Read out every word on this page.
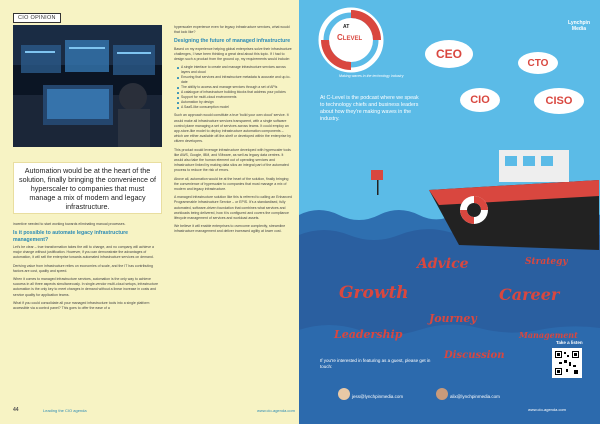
CIO OPINION
Automation would be at the heart of the solution, finally bringing the convenience of hyperscaler to companies that must manage a mix of modern and legacy infrastructure.
incentive needed to start working towards eliminating manual processes.
Is it possible to automate legacy infrastructure management?
Let's be clear – true transformation takes the will to change, and no company will achieve a major change without justification. However, if you can demonstrate the advantages of automation, it will sell the enterprise towards automated infrastructure services on demand.
Deriving value from infrastructure relies on economies of scale, and the IT has contributing factors are cost, quality and speed.
When it comes to managed infrastructure services, automation is the only way to achieve success in all three aspects simultaneously. In single-vendor multi-cloud setups, infrastructure automation is the only key to meet changes in demand without a linear increase in costs and service quality for application teams.
What if you could consolidate all your managed infrastructure tools into a single platform accessible via a control panel? This goes to offer the ease of a
hyperscaler experience even for legacy infrastructure services, what would that look like?
Designing the future of managed infrastructure
Based on my experience helping global enterprises solve their infrastructure challenges, I have been thinking a great deal about this topic. If I had to design such a product from the ground up, my requirements would include:
A single interface to create and manage infrastructure services across layers and cloud
Ensuring that services and infrastructure metadata is accurate and up-to-date
The ability to access and manage services through a set of APIs
A catalogue of infrastructure building blocks that address your policies
Support for multi-cloud environments
Automation by design
A SaaS-like consumption model
Such an approach would constitute a true 'build your own cloud' service. It would make all infrastructure services transparent, with a single software control plane managing a set of services across teams. It could employ an app-store-like model to deploy infrastructure automation components – which are either available off-the-shelf or developed within the enterprise by citizen developers.
This product would leverage infrastructure developed with hyperscaler tools like AWS, Google, IBM, and VMware, as well as legacy data centres. It would also take the human element out of operating services and infrastructure linked by making data silos an integral part of the automated process to reduce the risk of errors.
Above all, automation would be at the heart of the solution, finally bringing the convenience of hyperscaler to companies that must manage a mix of modern and legacy infrastructure.
A managed infrastructure solution like this is referred to calling an Enhanced Programmable Infrastructure Service – or EPIS. It's a standardised, fully automated, software-driven foundation that combines what services and workloads being delivered, how it is configured and covers the compliance lifecycle management of services and workload assets.
We believe it will enable enterprises to overcome complexity, streamline infrastructure management and deliver increased agility at lower cost.
44	Leading the CIO agenda	www.cio-agenda.com
Advice	Strategy
Growth	Career
Journey
Leadership	Management
Discussion
CLEVEL
AT
Making waves in the technology industry
Lynchpin Media
At C-Level is the podcast where we speak to technology chiefs and business leaders about how they're making waves in the industry.
CEO
CTO
CIO	CISO
If you're interested in featuring as a guest, please get in touch:
jess@lynchpinmedia.com	alix@lynchpinmedia.com
Take a listen
www.cio-agenda.com
